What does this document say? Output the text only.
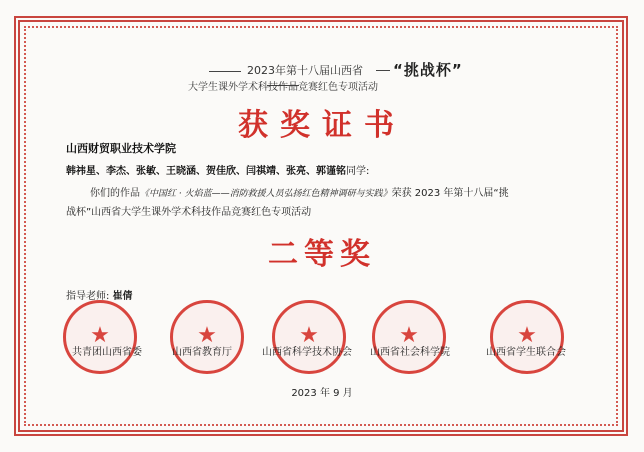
2023年第十八届山西省
大学生课外学术科技作品竞赛红色专项活动
“挑战杯”
获奖证书
山西财贸职业技术学院
韩祎星、李杰、张敏、王晓涵、贺佳欣、闫祺靖、张亮、郭谨铭同学:
你们的作品《中国红 · 火焰蓝——消防救援人员弘扬红色精神调研与实践》荣获 2023 年第十八届“挑
战杯”山西省大学生课外学术科技作品竞赛红色专项活动
二等奖
指导老师: 崔倩
★	★	★	★	★
共青团山西省委	山西省教育厅	山西省科学技术协会 山西省社会科学院	山西省学生联合会
2023 年 9 月
